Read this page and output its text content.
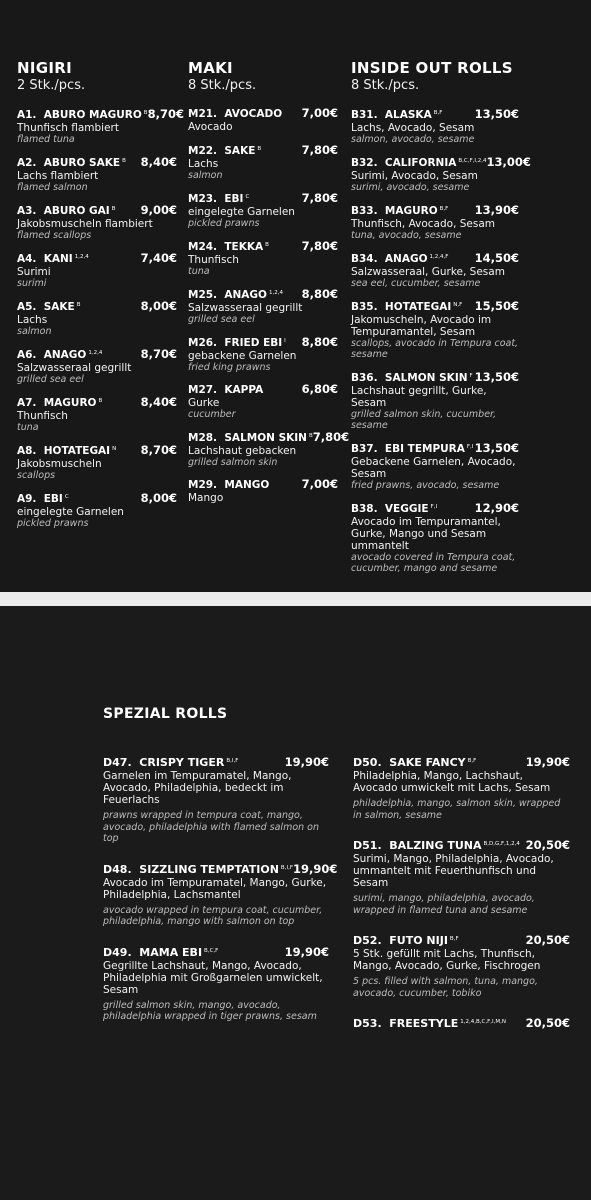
NIGIRI
2 Stk./pcs.
A1. ABURO MAGURO $^B$ 8,70€
Thunfisch flambiert
flamed tuna
A2. ABURO SAKE $^B$ 8,40€
Lachs flambiert
flamed salmon
A3. ABURO GAI $^B$ 9,00€
Jakobsmuscheln flambiert
flamed scallops
A4. KANI $^{1,2,4}$	7,40€
Surimi
surimi
A5. SAKE $^B$	8,00€
Lachs
salmon
A6. ANAGO $^{1,2,4}$	8,70€
Salzwasseraal gegrillt
grilled sea eel
A7. MAGURO $^B$	8,40€
Thunfisch
tuna
A8. HOTATEGAI $^N$ 8,70€
Jakobsmuscheln
scallops
A9. EBI $^C$	8,00€
eingelegte Garnelen
pickled prawns
MAKI
8 Stk./pcs.
M21. AVOCADO 7,00€
Avocado
M22. SAKE $^B$	7,80€
Lachs
salmon
M23. EBI $^C$	7,80€
eingelegte Garnelen
pickled prawns
M24. TEKKA $^B$	7,80€
Thunfisch
tuna
M25. ANAGO $^{1,2,4}$ 8,80€
Salzwasseraal gegrillt
grilled sea eel
M26. FRIED EBI $^I$ 8,80€
gebackene Garnelen
fried king prawns
M27. KAPPA	6,80€
Gurke
cucumber
M28. SALMON SKIN $^B$ 7,80€
Lachshaut gebacken
grilled salmon skin
M29. MANGO	7,00€
Mango
INSIDE OUT ROLLS
8 Stk./pcs.
B31. ALASKA $^{B,F}$	13,50€
Lachs, Avocado, Sesam
salmon, avocado, sesame
B32. CALIFORNIA $^{B,C,F,I,2,4}$ 13,00€
Surimi, Avocado, Sesam
surimi, avocado, sesame
B33. MAGURO $^{B,F}$ 13,90€
Thunfisch, Avocado, Sesam
tuna, avocado, sesame
B34. ANAGO $^{1,2,4,F}$ 14,50€
Salzwasseraal, Gurke, Sesam
sea eel, cucumber, sesame
B35. HOTATEGAI $^{N,F}$ 15,50€
Jakomuscheln, Avocado im Tempuramantel, Sesam
scallops, avocado in Tempura coat, sesame
B36. SALMON SKIN $^F$ 13,50€
Lachshaut gegrillt, Gurke, Sesam
grilled salmon skin, cucumber, sesame
B37. EBI TEMPURA $^{F,I}$ 13,50€
Gebackene Garnelen, Avocado, Sesam
fried prawns, avocado, sesame
B38. VEGGIE $^{F,I}$	12,90€
Avocado im Tempuramantel, Gurke, Mango und Sesam ummantelt
avocado covered in Tempura coat, cucumber, mango and sesame
SPEZIAL ROLLS
D47. CRISPY TIGER $^{B,I,F}$	19,90€
Garnelen im Tempuramatel, Mango, Avocado, Philadelphia, bedeckt im Feuerlachs
prawns wrapped in tempura coat, mango, avocado, philadelphia with flamed salmon on top
D48. SIZZLING TEMPTATION $^{B,I,F}$ 19,90€
Avocado im Tempuramatel, Mango, Gurke, Philadelphia, Lachsmantel
avocado wrapped in tempura coat, cucumber, philadelphia, mango with salmon on top
D49. MAMA EBI $^{B,C,F}$	19,90€
Gegrillte Lachshaut, Mango, Avocado, Philadelphia mit Großgarnelen umwickelt, Sesam
grilled salmon skin, mango, avocado, philadelphia wrapped in tiger prawns, sesam
D50. SAKE FANCY $^{B,F}$	19,90€
Philadelphia, Mango, Lachshaut, Avocado umwickelt mit Lachs, Sesam
philadelphia, mango, salmon skin, wrapped in salmon, sesame
D51. BALZING TUNA $^{B,D,G,F,1,2,4}$ 20,50€
Surimi, Mango, Philadelphia, Avocado, ummantelt mit Feuerthunfisch und Sesam
surimi, mango, philadelphia, avocado, wrapped in flamed tuna and sesame
D52. FUTO NIJI $^{B,F}$	20,50€
5 Stk. gefüllt mit Lachs, Thunfisch, Mango, Avocado, Gurke, Fischrogen
5 pcs. filled with salmon, tuna, mango, avocado, cucumber, tobiko
D53. FREESTYLE $^{1,2,4,B,C,F,I,M,N}$ 20,50€
